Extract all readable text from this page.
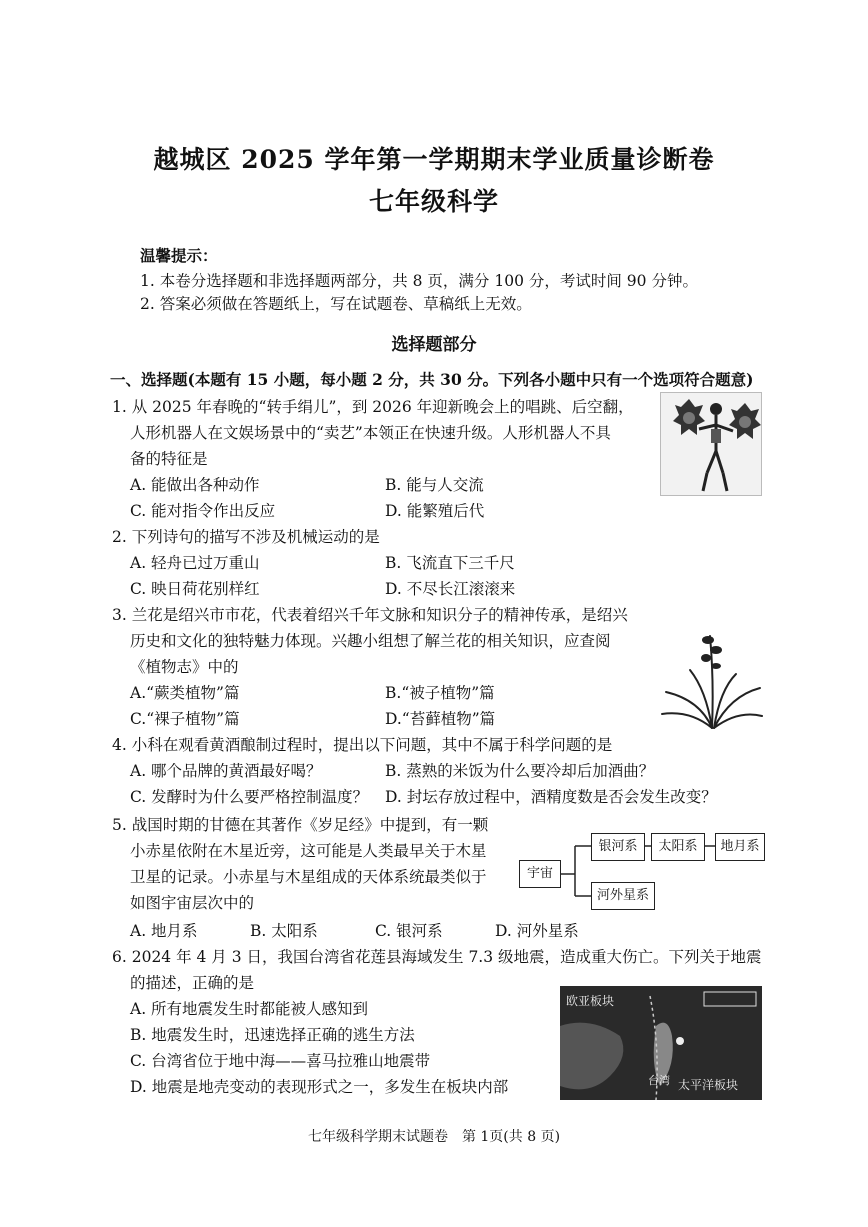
越城区 2025 学年第一学期期末学业质量诊断卷
七年级科学
温馨提示：
1. 本卷分选择题和非选择题两部分，共 8 页，满分 100 分，考试时间 90 分钟。
2. 答案必须做在答题纸上，写在试题卷、草稿纸上无效。
选择题部分
一、选择题(本题有 15 小题，每小题 2 分，共 30 分。下列各小题中只有一个选项符合题意)
1. 从 2025 年春晚的“转手绢儿”，到 2026 年迎新晚会上的唱跳、后空翻，
人形机器人在文娱场景中的“卖艺”本领正在快速升级。人形机器人不具
备的特征是
A. 能做出各种动作	B. 能与人交流
C. 能对指令作出反应	D. 能繁殖后代
2. 下列诗句的描写不涉及机械运动的是
A. 轻舟已过万重山	B. 飞流直下三千尺
C. 映日荷花别样红	D. 不尽长江滚滚来
3. 兰花是绍兴市市花，代表着绍兴千年文脉和知识分子的精神传承，是绍兴
历史和文化的独特魅力体现。兴趣小组想了解兰花的相关知识，应查阅
《植物志》中的
A.“蕨类植物”篇	B.“被子植物”篇
C.“裸子植物”篇	D.“苔藓植物”篇
4. 小科在观看黄酒酿制过程时，提出以下问题，其中不属于科学问题的是
A. 哪个品牌的黄酒最好喝？	B. 蒸熟的米饭为什么要冷却后加酒曲？
C. 发酵时为什么要严格控制温度？ D. 封坛存放过程中，酒精度数是否会发生改变？
5. 战国时期的甘德在其著作《岁足经》中提到，有一颗
小赤星依附在木星近旁，这可能是人类最早关于木星
卫星的记录。小赤星与木星组成的天体系统最类似于
如图宇宙层次中的
A. 地月系	B. 太阳系	C. 银河系	D. 河外星系
宇宙
银河系	太阳系	地月系
河外星系
6. 2024 年 4 月 3 日，我国台湾省花莲县海域发生 7.3 级地震，造成重大伤亡。下列关于地震
的描述，正确的是
A. 所有地震发生时都能被人感知到
B. 地震发生时，迅速选择正确的逃生方法
C. 台湾省位于地中海——喜马拉雅山地震带
D. 地震是地壳变动的表现形式之一，多发生在板块内部
欧亚板块
台湾 太平洋板块
七年级科学期末试题卷　第 1页(共 8 页)
